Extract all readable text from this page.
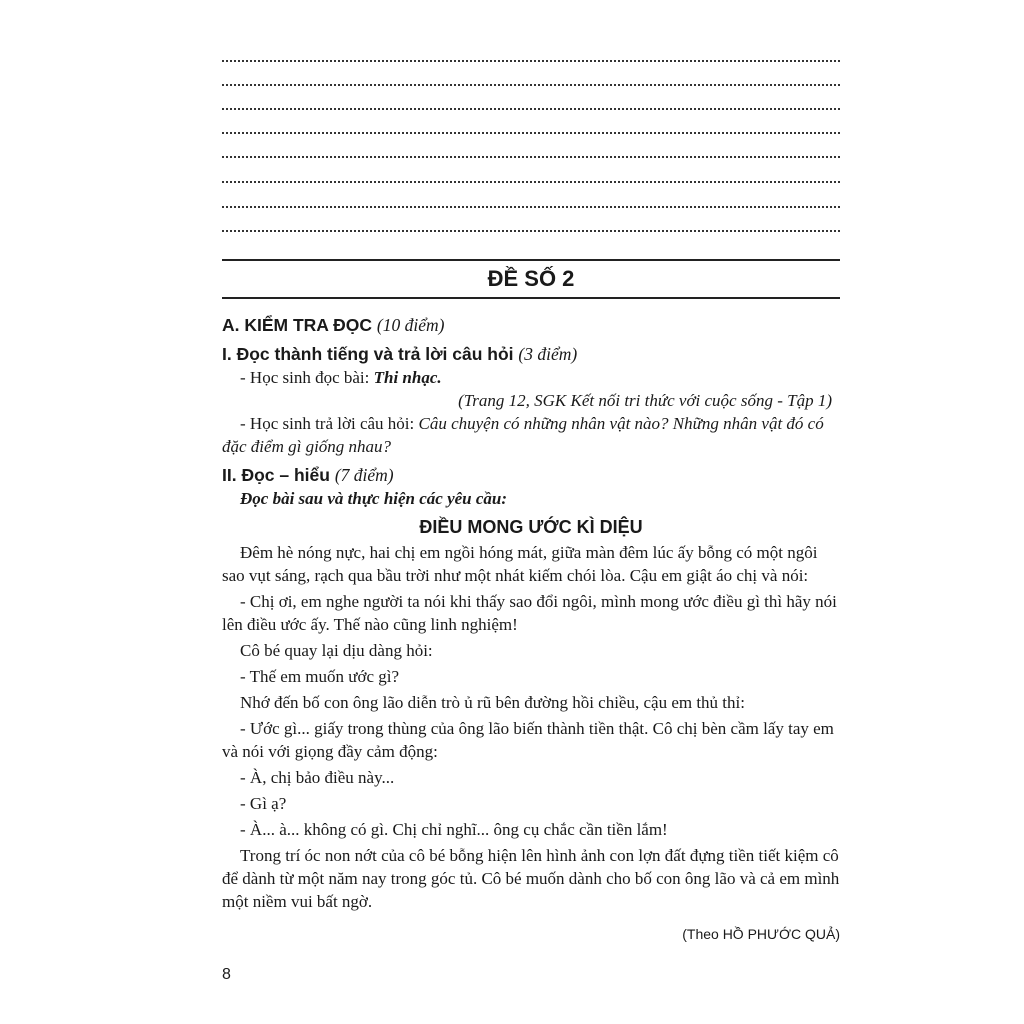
ĐỀ SỐ 2

A. KIỂM TRA ĐỌC (10 điểm)

I. Đọc thành tiếng và trả lời câu hỏi (3 điểm)

- Học sinh đọc bài: Thi nhạc.

(Trang 12, SGK Kết nối tri thức với cuộc sống - Tập 1)

- Học sinh trả lời câu hỏi: Câu chuyện có những nhân vật nào? Những nhân vật đó có đặc điểm gì giống nhau?

II. Đọc – hiểu (7 điểm)

Đọc bài sau và thực hiện các yêu cầu:

ĐIỀU MONG ƯỚC KÌ DIỆU

Đêm hè nóng nực, hai chị em ngồi hóng mát, giữa màn đêm lúc ấy bỗng có một ngôi sao vụt sáng, rạch qua bầu trời như một nhát kiếm chói lòa. Cậu em giật áo chị và nói:

- Chị ơi, em nghe người ta nói khi thấy sao đổi ngôi, mình mong ước điều gì thì hãy nói lên điều ước ấy. Thế nào cũng linh nghiệm!

Cô bé quay lại dịu dàng hỏi:

- Thế em muốn ước gì?

Nhớ đến bố con ông lão diễn trò ủ rũ bên đường hồi chiều, cậu em thủ thỉ:

- Ước gì... giấy trong thùng của ông lão biến thành tiền thật. Cô chị bèn cầm lấy tay em và nói với giọng đầy cảm động:

- À, chị bảo điều này...

- Gì ạ?

- À... à... không có gì. Chị chỉ nghĩ... ông cụ chắc cần tiền lắm!

Trong trí óc non nớt của cô bé bỗng hiện lên hình ảnh con lợn đất đựng tiền tiết kiệm cô để dành từ một năm nay trong góc tủ. Cô bé muốn dành cho bố con ông lão và cả em mình một niềm vui bất ngờ.

(Theo HỒ PHƯỚC QUẢ)

8
